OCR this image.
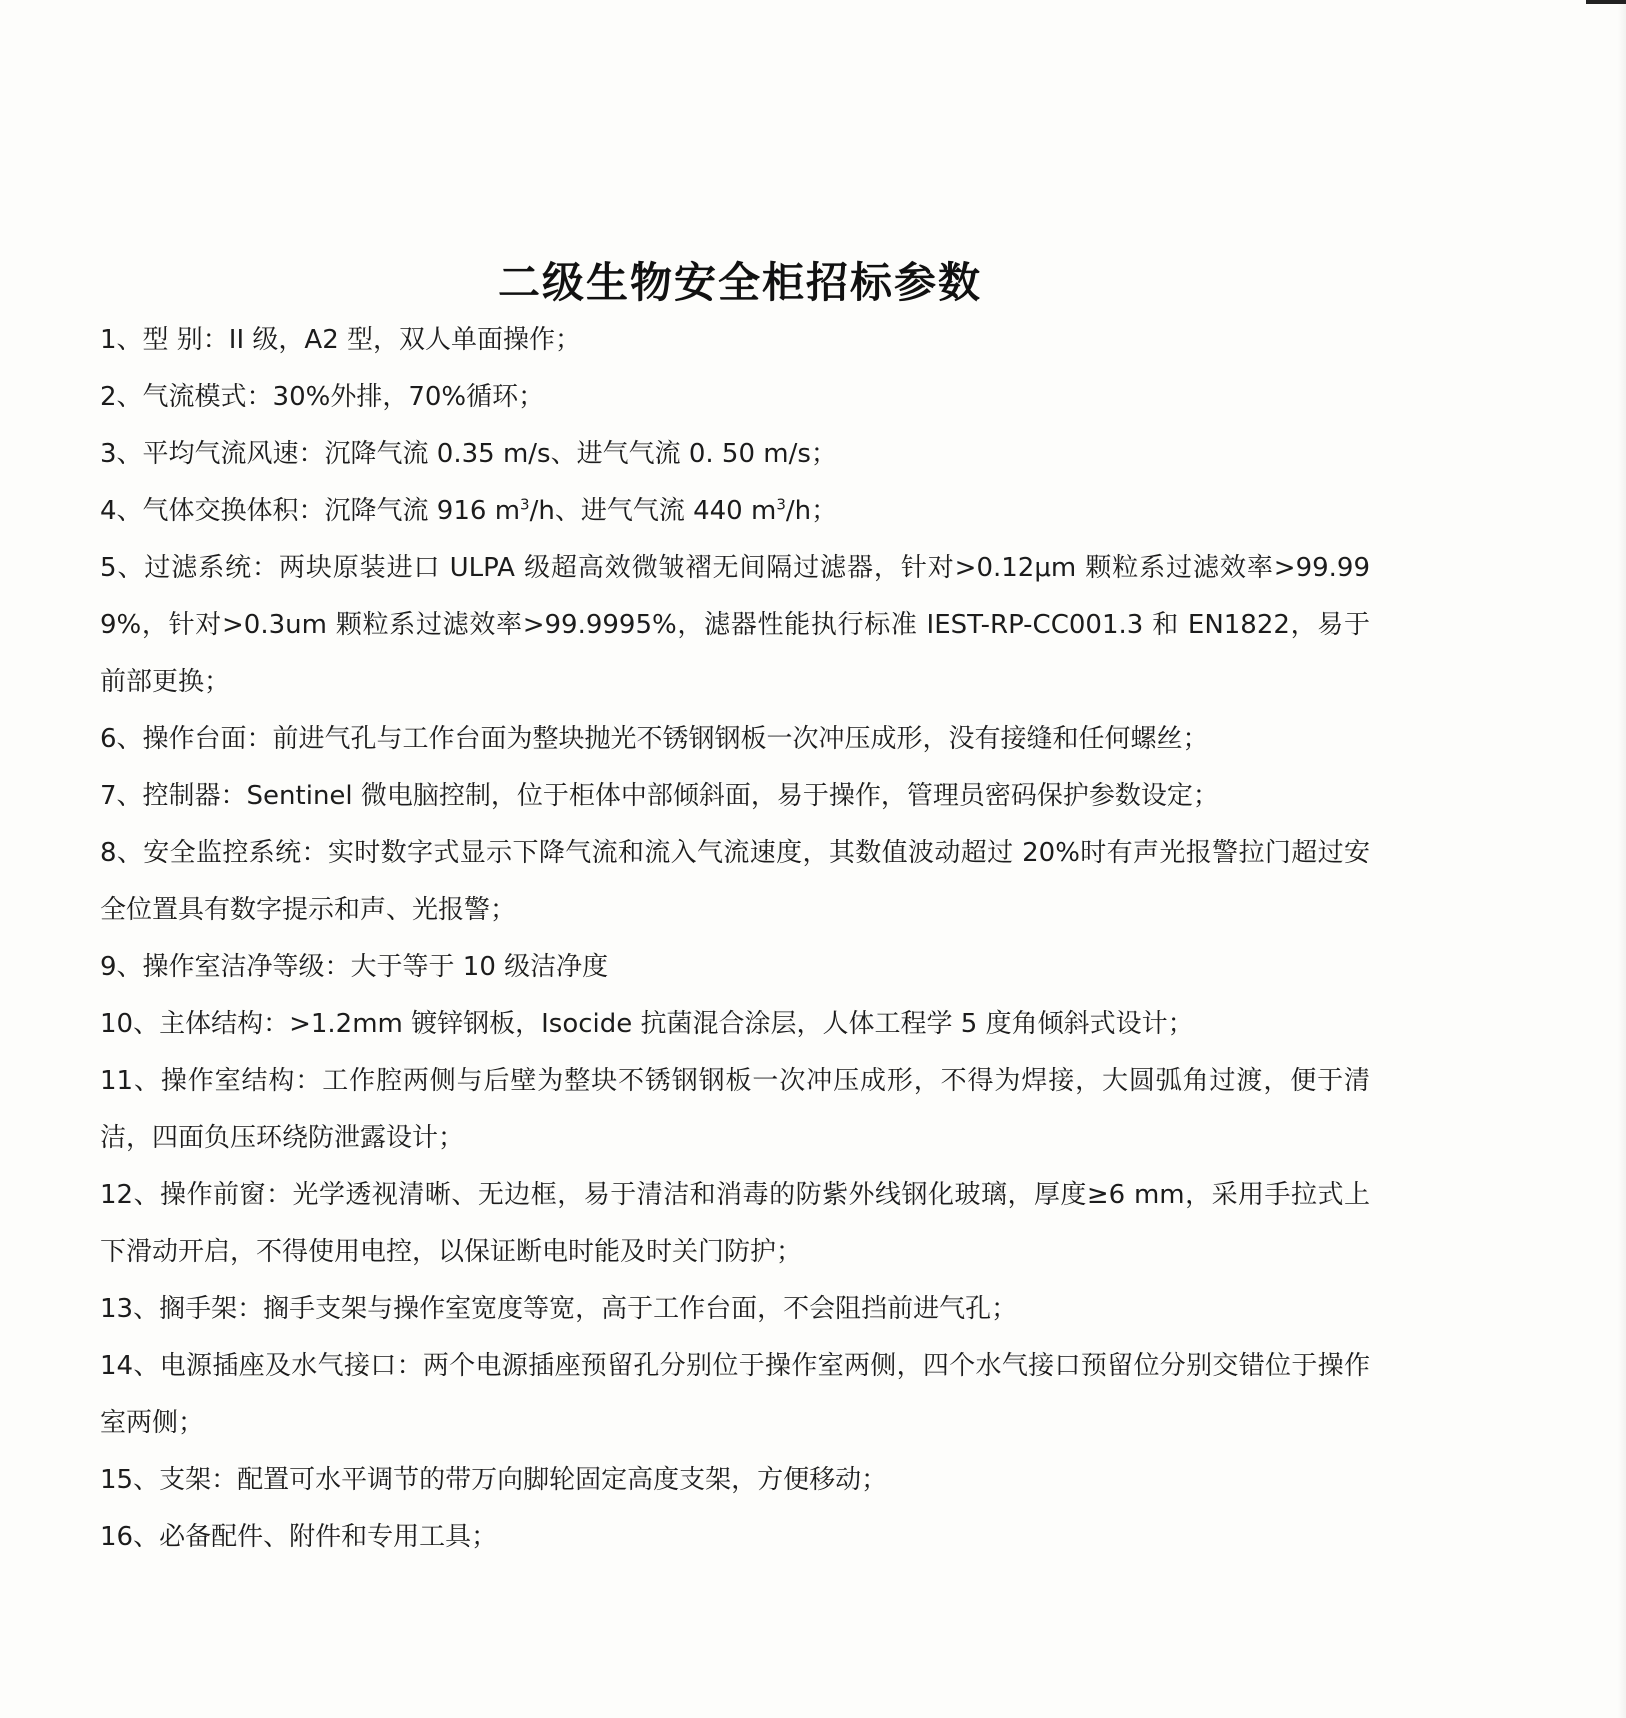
二级生物安全柜招标参数
1、型 别：II 级，A2 型，双人单面操作；
2、气流模式：30%外排，70%循环；
3、平均气流风速：沉降气流 0.35 m/s、进气气流 0. 50 m/s；
4、气体交换体积：沉降气流 916 $m^3/h$、进气气流 440 $m^3/h$；
5、过滤系统：两块原装进口 ULPA 级超高效微皱褶无间隔过滤器，针对>0.12μm 颗粒系过滤效率>99.999%，针对>0.3um 颗粒系过滤效率>99.9995%，滤器性能执行标准 IEST-RP-CC001.3 和 EN1822，易于前部更换；
6、操作台面：前进气孔与工作台面为整块抛光不锈钢钢板一次冲压成形，没有接缝和任何螺丝；
7、控制器：Sentinel 微电脑控制，位于柜体中部倾斜面，易于操作，管理员密码保护参数设定；
8、安全监控系统：实时数字式显示下降气流和流入气流速度，其数值波动超过 20%时有声光报警拉门超过安全位置具有数字提示和声、光报警；
9、操作室洁净等级：大于等于 10 级洁净度
10、主体结构：>1.2mm 镀锌钢板，Isocide 抗菌混合涂层，人体工程学 5 度角倾斜式设计；
11、操作室结构：工作腔两侧与后壁为整块不锈钢钢板一次冲压成形，不得为焊接，大圆弧角过渡，便于清洁，四面负压环绕防泄露设计；
12、操作前窗：光学透视清晰、无边框，易于清洁和消毒的防紫外线钢化玻璃，厚度≥6 mm，采用手拉式上下滑动开启，不得使用电控，以保证断电时能及时关门防护；
13、搁手架：搁手支架与操作室宽度等宽，高于工作台面，不会阻挡前进气孔；
14、电源插座及水气接口：两个电源插座预留孔分别位于操作室两侧，四个水气接口预留位分别交错位于操作室两侧；
15、支架：配置可水平调节的带万向脚轮固定高度支架，方便移动；
16、必备配件、附件和专用工具；
